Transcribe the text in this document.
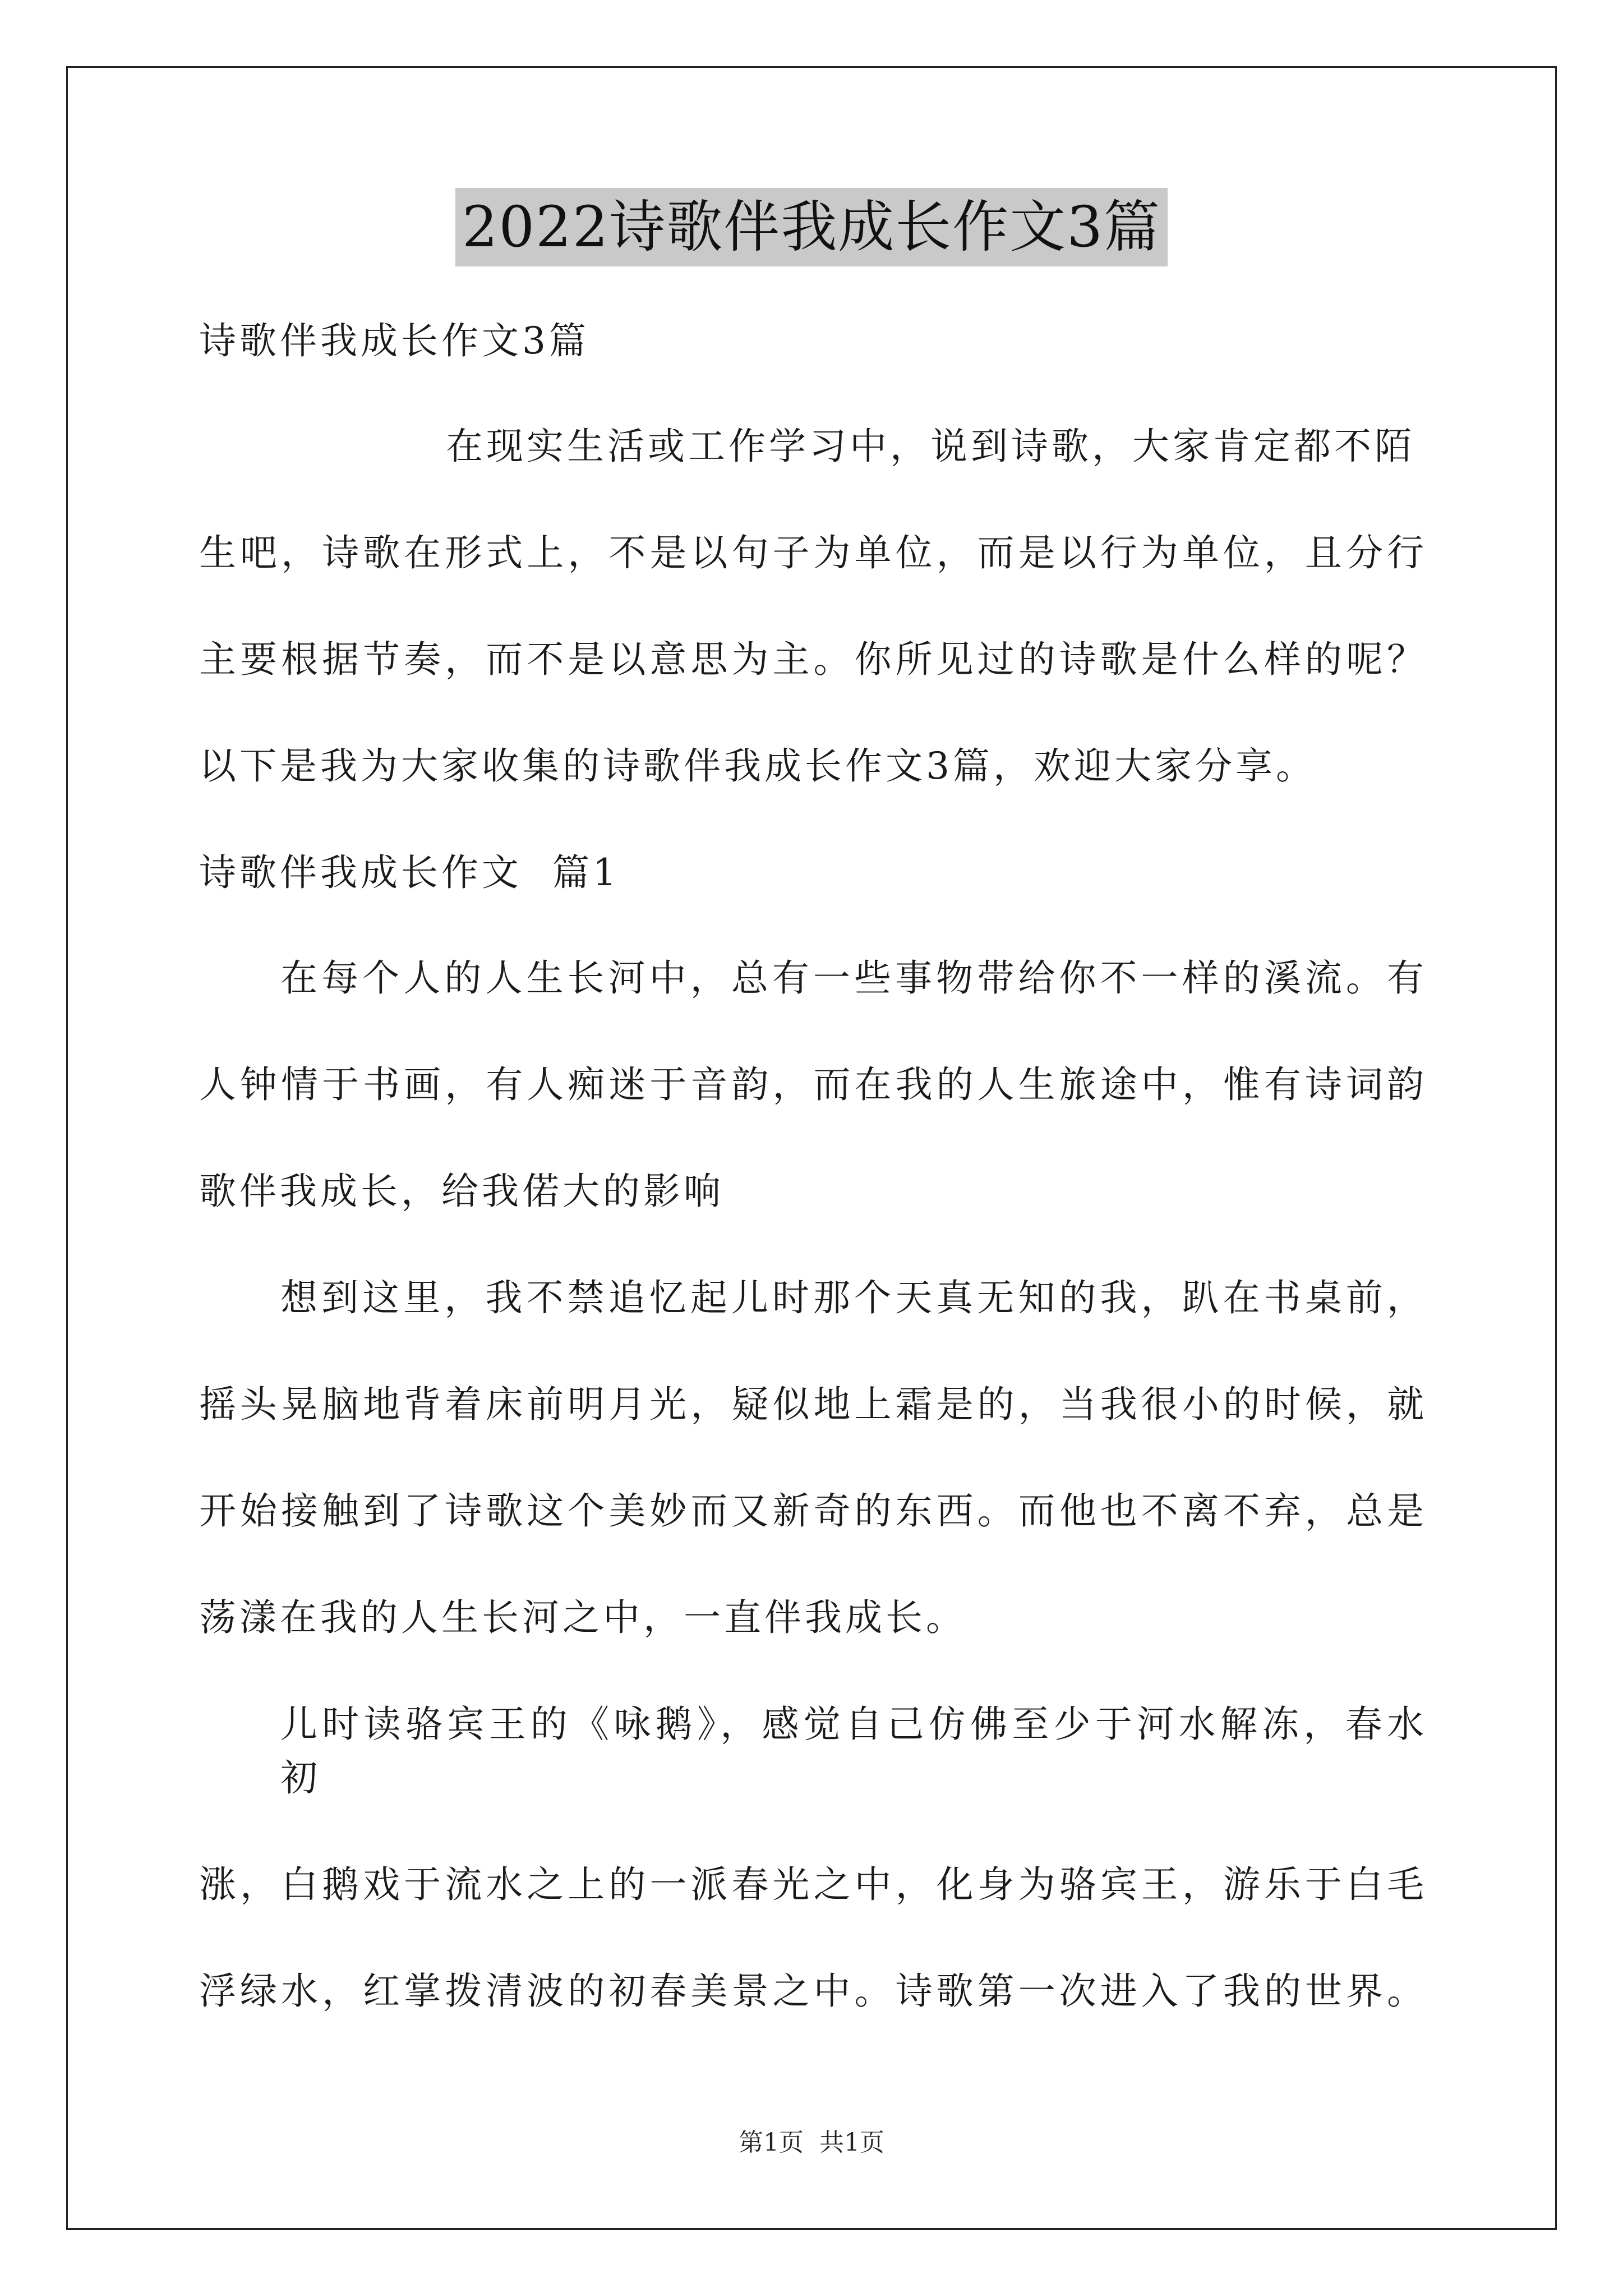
2022诗歌伴我成长作文3篇
诗歌伴我成长作文3篇
在现实生活或工作学习中，说到诗歌，大家肯定都不陌
生吧，诗歌在形式上，不是以句子为单位，而是以行为单位，且分行
主要根据节奏，而不是以意思为主。你所见过的诗歌是什么样的呢？
以下是我为大家收集的诗歌伴我成长作文3篇，欢迎大家分享。
诗歌伴我成长作文  篇1
在每个人的人生长河中，总有一些事物带给你不一样的溪流。有
人钟情于书画，有人痴迷于音韵，而在我的人生旅途中，惟有诗词韵
歌伴我成长，给我偌大的影响
想到这里，我不禁追忆起儿时那个天真无知的我，趴在书桌前，
摇头晃脑地背着床前明月光，疑似地上霜是的，当我很小的时候，就
开始接触到了诗歌这个美妙而又新奇的东西。而他也不离不弃，总是
荡漾在我的人生长河之中，一直伴我成长。
儿时读骆宾王的《咏鹅》，感觉自己仿佛至少于河水解冻，春水初
涨，白鹅戏于流水之上的一派春光之中，化身为骆宾王，游乐于白毛
浮绿水，红掌拨清波的初春美景之中。诗歌第一次进入了我的世界。
第1页  共1页
